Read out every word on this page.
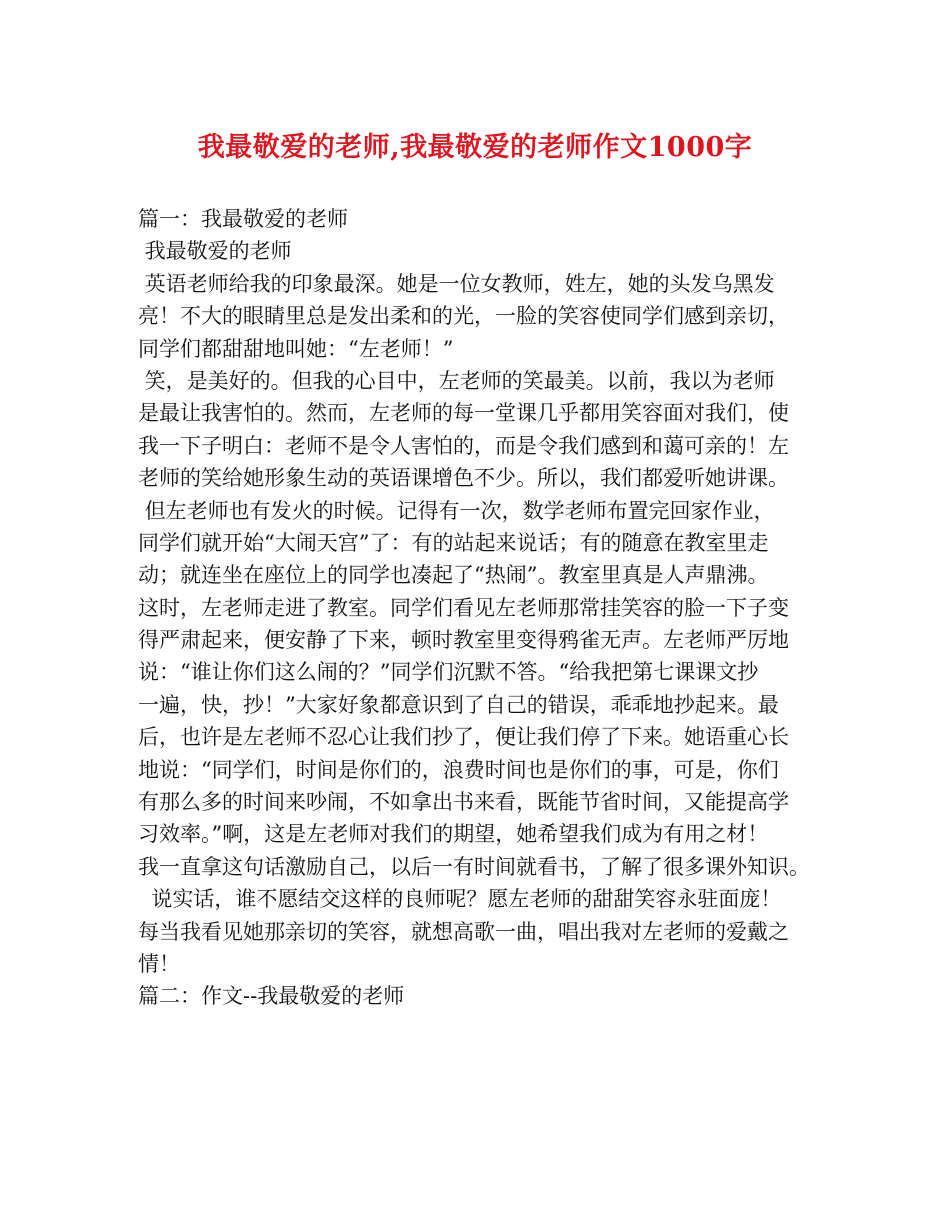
我最敬爱的老师,我最敬爱的老师作文1000字
篇一：我最敬爱的老师
我最敬爱的老师
英语老师给我的印象最深。她是一位女教师，姓左，她的头发乌黑发
亮！不大的眼睛里总是发出柔和的光，一脸的笑容使同学们感到亲切，
同学们都甜甜地叫她：“左老师！”
笑，是美好的。但我的心目中，左老师的笑最美。以前，我以为老师
是最让我害怕的。然而，左老师的每一堂课几乎都用笑容面对我们，使
我一下子明白：老师不是令人害怕的，而是令我们感到和蔼可亲的！左
老师的笑给她形象生动的英语课增色不少。所以，我们都爱听她讲课。
但左老师也有发火的时候。记得有一次，数学老师布置完回家作业，
同学们就开始“大闹天宫”了：有的站起来说话；有的随意在教室里走
动；就连坐在座位上的同学也凑起了“热闹”。教室里真是人声鼎沸。
这时，左老师走进了教室。同学们看见左老师那常挂笑容的脸一下子变
得严肃起来，便安静了下来，顿时教室里变得鸦雀无声。左老师严厉地
说：“谁让你们这么闹的？”同学们沉默不答。“给我把第七课课文抄
一遍，快，抄！”大家好象都意识到了自己的错误，乖乖地抄起来。最
后，也许是左老师不忍心让我们抄了，便让我们停了下来。她语重心长
地说：“同学们，时间是你们的，浪费时间也是你们的事，可是，你们
有那么多的时间来吵闹，不如拿出书来看，既能节省时间，又能提高学
习效率。”啊，这是左老师对我们的期望，她希望我们成为有用之材！
我一直拿这句话激励自己，以后一有时间就看书，了解了很多课外知识。
说实话，谁不愿结交这样的良师呢？愿左老师的甜甜笑容永驻面庞！
每当我看见她那亲切的笑容，就想高歌一曲，唱出我对左老师的爱戴之
情！
篇二：作文--我最敬爱的老师
